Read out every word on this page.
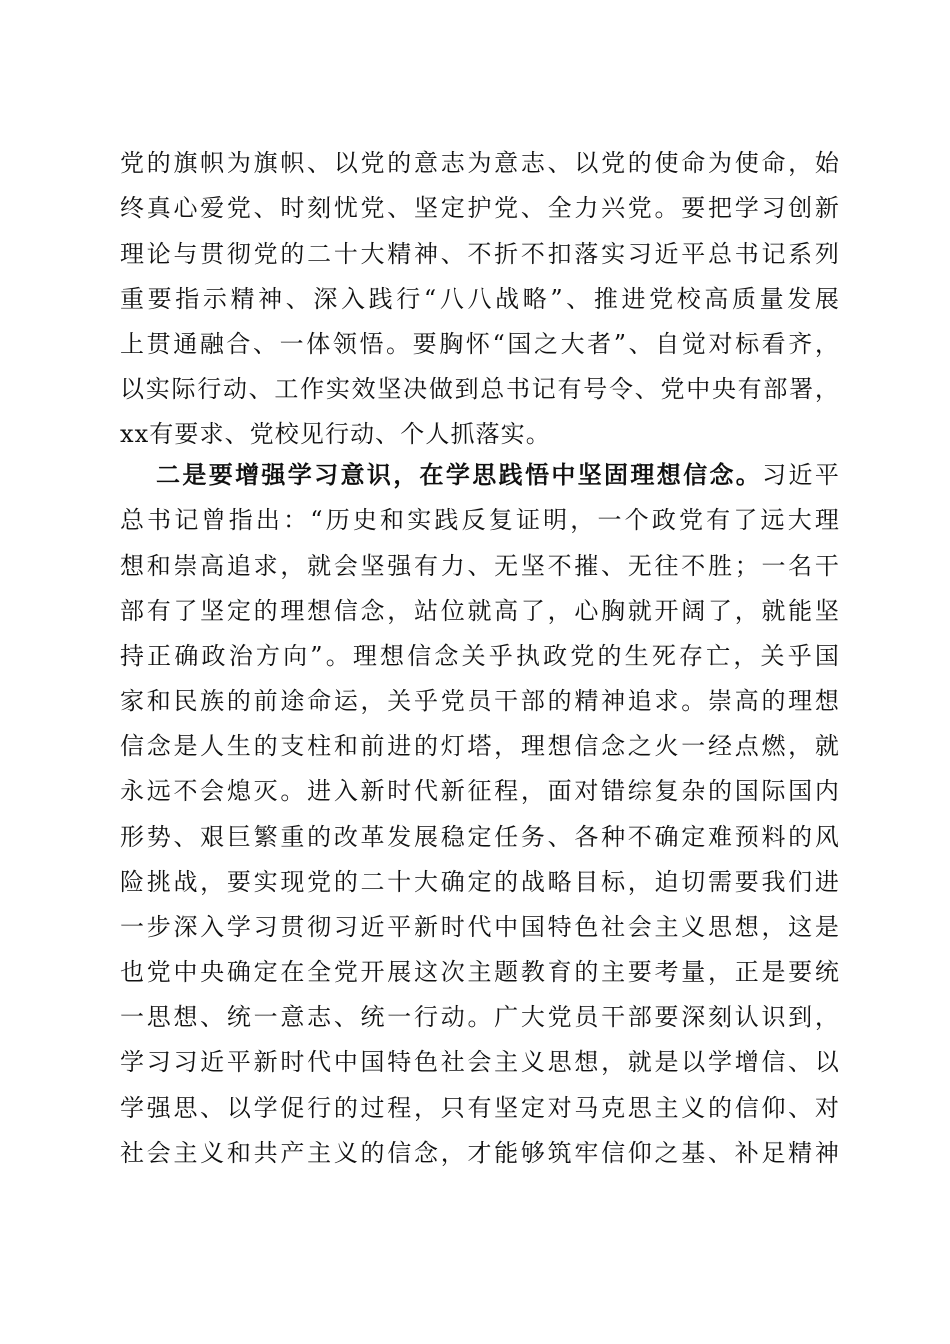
党的旗帜为旗帜、以党的意志为意志、以党的使命为使命，始
终真心爱党、时刻忧党、坚定护党、全力兴党。要把学习创新
理论与贯彻党的二十大精神、不折不扣落实习近平总书记系列
重要指示精神、深入践行“八八战略”、推进党校高质量发展
上贯通融合、一体领悟。要胸怀“国之大者”、自觉对标看齐，
以实际行动、工作实效坚决做到总书记有号令、党中央有部署，
xx有要求、党校见行动、个人抓落实。
二是要增强学习意识，在学思践悟中坚固理想信念。习近平
总书记曾指出：“历史和实践反复证明，一个政党有了远大理
想和崇高追求，就会坚强有力、无坚不摧、无往不胜；一名干
部有了坚定的理想信念，站位就高了，心胸就开阔了，就能坚
持正确政治方向”。理想信念关乎执政党的生死存亡，关乎国
家和民族的前途命运，关乎党员干部的精神追求。崇高的理想
信念是人生的支柱和前进的灯塔，理想信念之火一经点燃，就
永远不会熄灭。进入新时代新征程，面对错综复杂的国际国内
形势、艰巨繁重的改革发展稳定任务、各种不确定难预料的风
险挑战，要实现党的二十大确定的战略目标，迫切需要我们进
一步深入学习贯彻习近平新时代中国特色社会主义思想，这是
也党中央确定在全党开展这次主题教育的主要考量，正是要统
一思想、统一意志、统一行动。广大党员干部要深刻认识到，
学习习近平新时代中国特色社会主义思想，就是以学增信、以
学强思、以学促行的过程，只有坚定对马克思主义的信仰、对
社会主义和共产主义的信念，才能够筑牢信仰之基、补足精神
